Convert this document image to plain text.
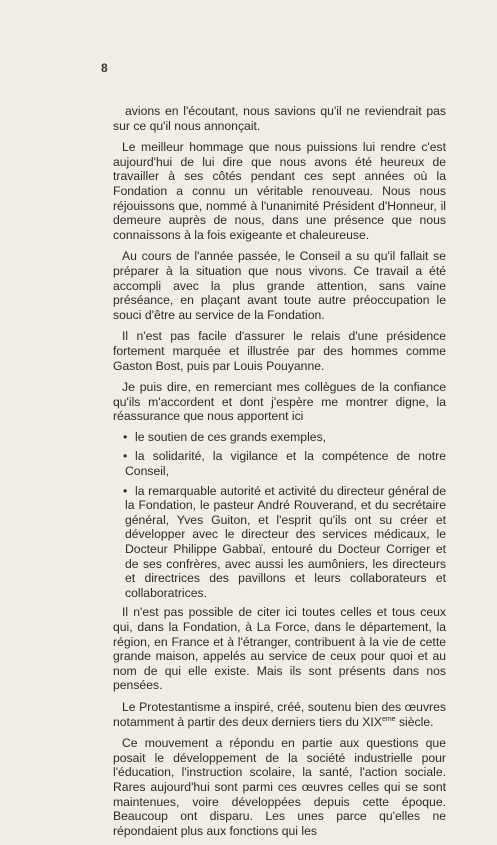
8

avions en l'écoutant, nous savions qu'il ne reviendrait pas sur ce qu'il nous annonçait.

Le meilleur hommage que nous puissions lui rendre c'est aujourd'hui de lui dire que nous avons été heureux de travailler à ses côtés pendant ces sept années où la Fondation a connu un véritable renouveau. Nous nous réjouissons que, nommé à l'unanimité Président d'Honneur, il demeure auprès de nous, dans une présence que nous connaissons à la fois exigeante et chaleureuse.

Au cours de l'année passée, le Conseil a su qu'il fallait se préparer à la situation que nous vivons. Ce travail a été accompli avec la plus grande attention, sans vaine préséance, en plaçant avant toute autre préoccupation le souci d'être au service de la Fondation.

Il n'est pas facile d'assurer le relais d'une présidence fortement marquée et illustrée par des hommes comme Gaston Bost, puis par Louis Pouyanne.

Je puis dire, en remerciant mes collègues de la confiance qu'ils m'accordent et dont j'espère me montrer digne, la réassurance que nous apportent ici

• le soutien de ces grands exemples,

• la solidarité, la vigilance et la compétence de notre Conseil,

• la remarquable autorité et activité du directeur général de la Fondation, le pasteur André Rouverand, et du secrétaire général, Yves Guiton, et l'esprit qu'ils ont su créer et développer avec le directeur des services médicaux, le Docteur Philippe Gabbaï, entouré du Docteur Corriger et de ses confrères, avec aussi les aumôniers, les directeurs et directrices des pavillons et leurs collaborateurs et collaboratrices.

Il n'est pas possible de citer ici toutes celles et tous ceux qui, dans la Fondation, à La Force, dans le département, la région, en France et à l'étranger, contribuent à la vie de cette grande maison, appelés au service de ceux pour quoi et au nom de qui elle existe. Mais ils sont présents dans nos pensées.

Le Protestantisme a inspiré, créé, soutenu bien des œuvres notamment à partir des deux derniers tiers du XIXeme siècle.

Ce mouvement a répondu en partie aux questions que posait le développement de la société industrielle pour l'éducation, l'instruction scolaire, la santé, l'action sociale. Rares aujourd'hui sont parmi ces œuvres celles qui se sont maintenues, voire développées depuis cette époque. Beaucoup ont disparu. Les unes parce qu'elles ne répondaient plus aux fonctions qui les
